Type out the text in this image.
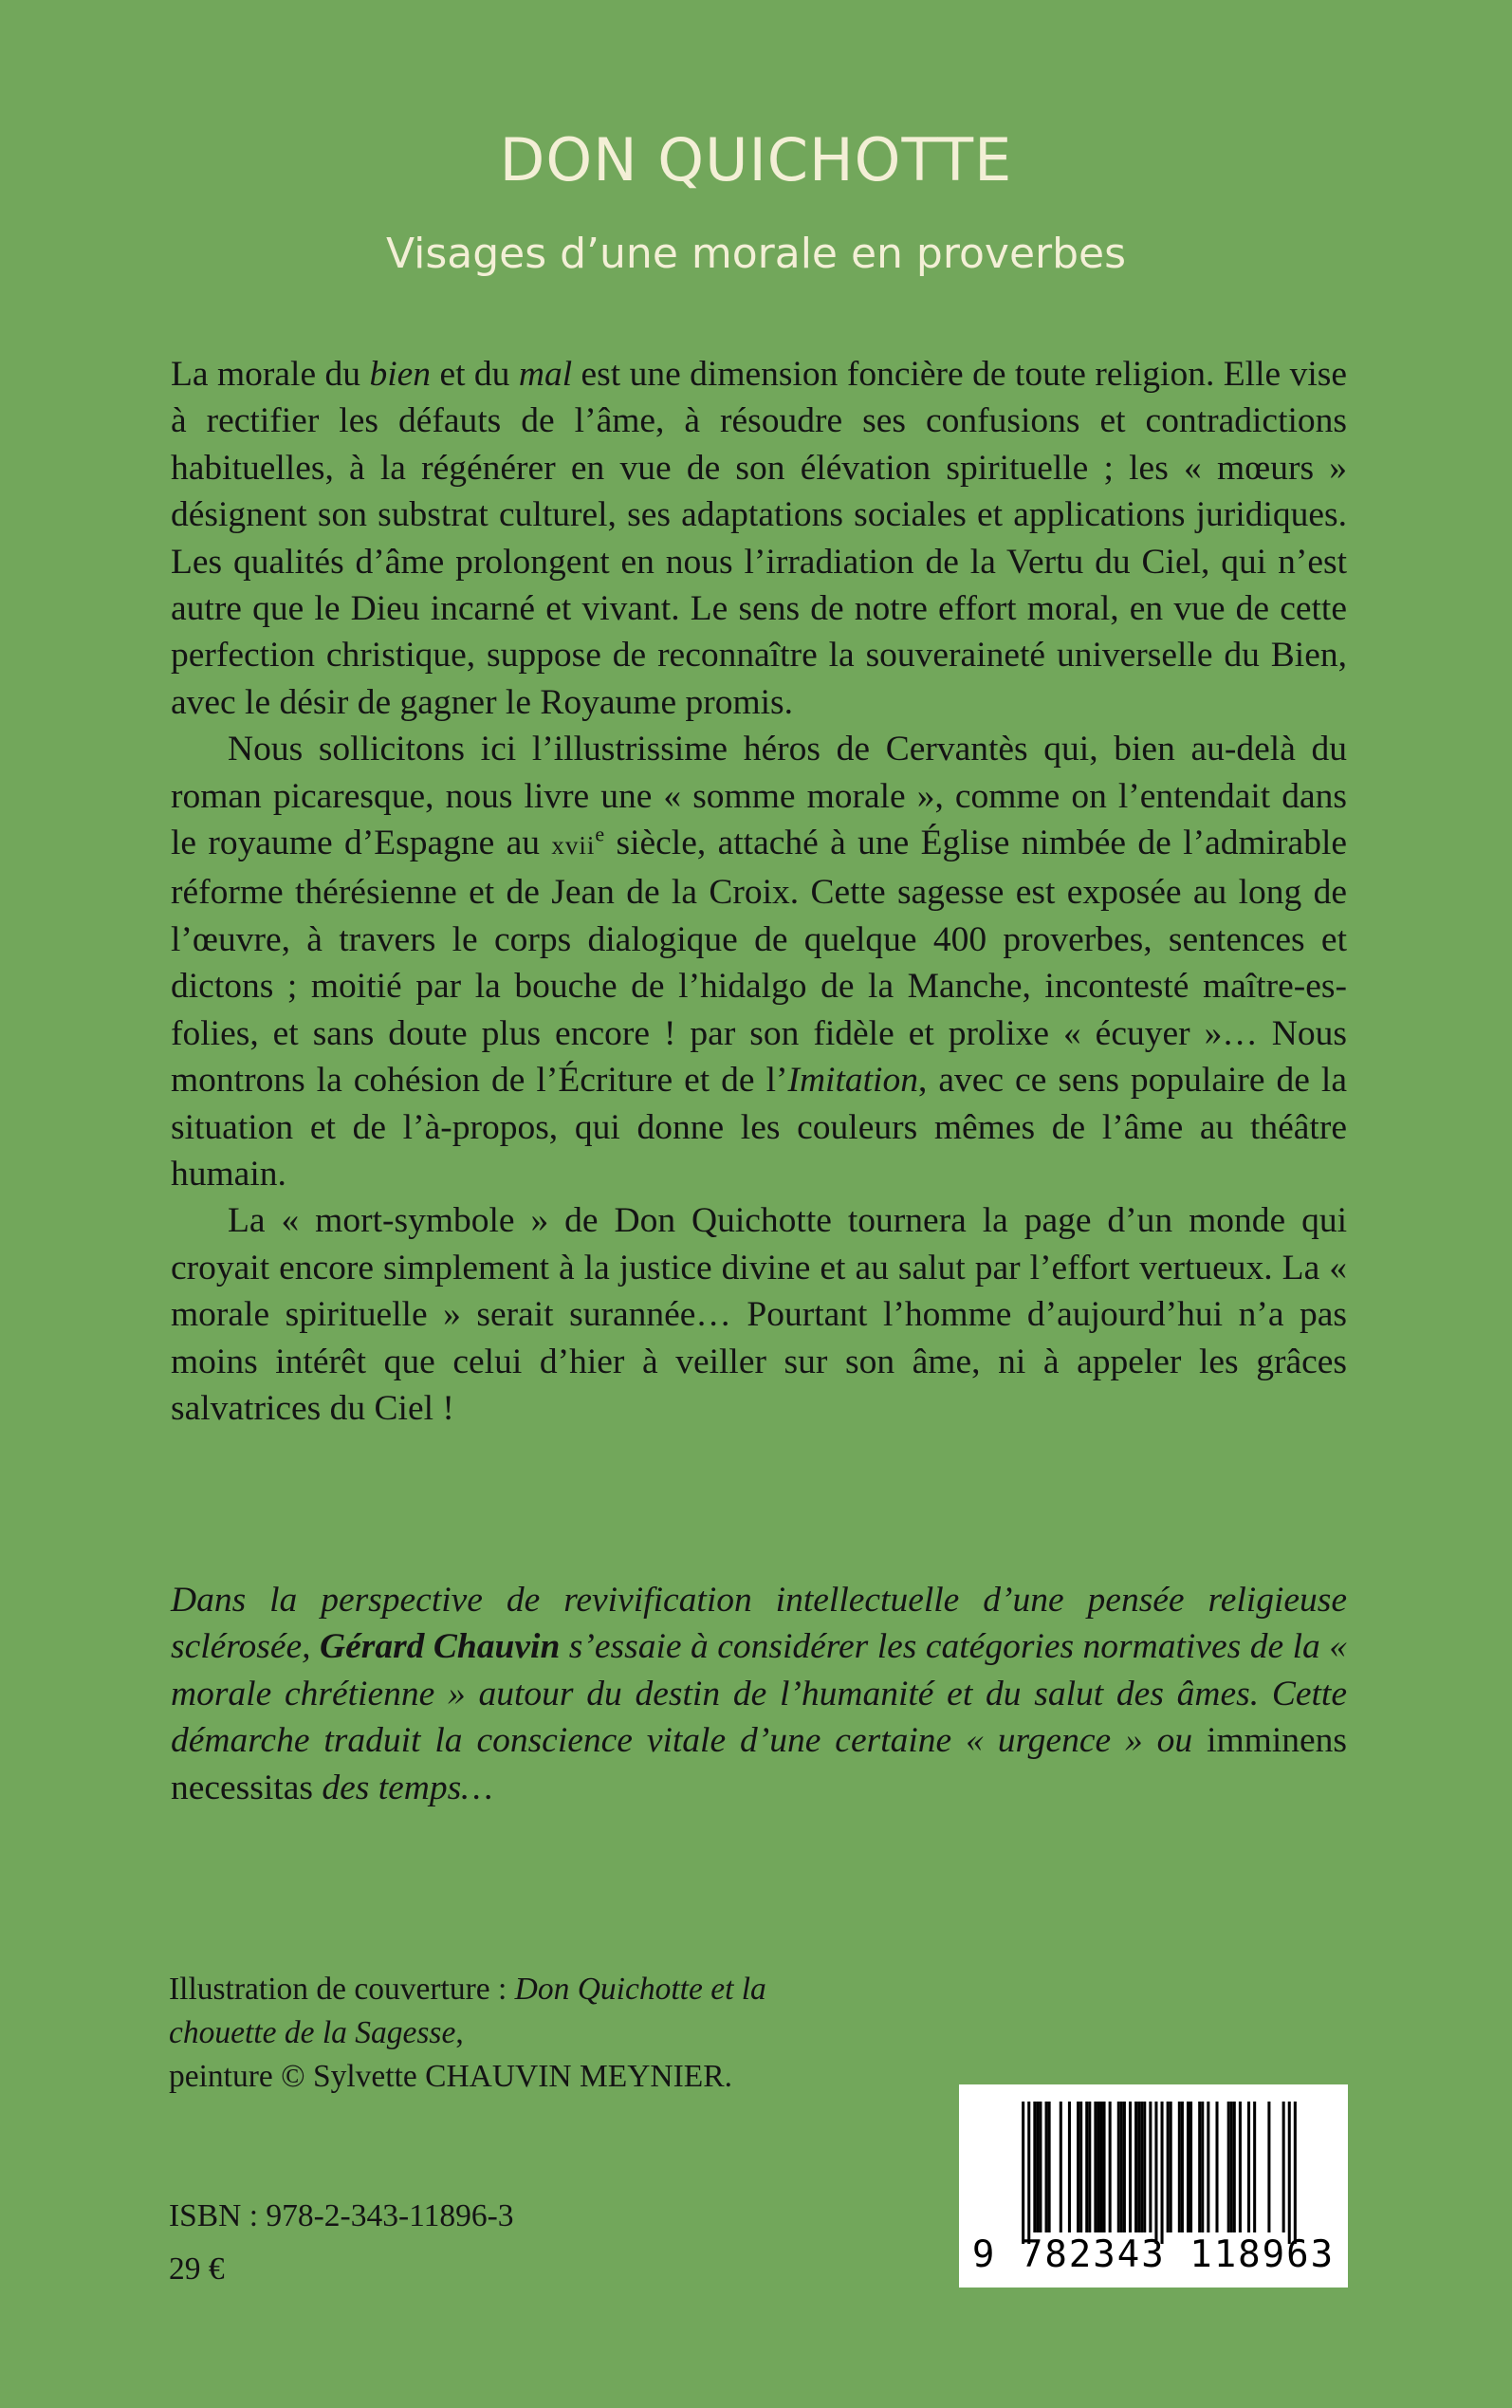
DON QUICHOTTE
Visages d’une morale en proverbes

La morale du bien et du mal est une dimension foncière de toute religion. Elle vise à rectifier les défauts de l’âme, à résoudre ses confusions et contradictions habituelles, à la régénérer en vue de son élévation spirituelle ; les « mœurs » désignent son substrat culturel, ses adaptations sociales et applications juridiques. Les qualités d’âme prolongent en nous l’irradiation de la Vertu du Ciel, qui n’est autre que le Dieu incarné et vivant. Le sens de notre effort moral, en vue de cette perfection christique, suppose de reconnaître la souveraineté universelle du Bien, avec le désir de gagner le Royaume promis.

Nous sollicitons ici l’illustrissime héros de Cervantès qui, bien au-delà du roman picaresque, nous livre une « somme morale », comme on l’entendait dans le royaume d’Espagne au xvii$^e$ siècle, attaché à une Église nimbée de l’admirable réforme thérésienne et de Jean de la Croix. Cette sagesse est exposée au long de l’œuvre, à travers le corps dialogique de quelque 400 proverbes, sentences et dictons ; moitié par la bouche de l’hidalgo de la Manche, incontesté maître-es-folies, et sans doute plus encore ! par son fidèle et prolixe « écuyer »… Nous montrons la cohésion de l’Écriture et de l’Imitation, avec ce sens populaire de la situation et de l’à-propos, qui donne les couleurs mêmes de l’âme au théâtre humain.

La « mort-symbole » de Don Quichotte tournera la page d’un monde qui croyait encore simplement à la justice divine et au salut par l’effort vertueux. La « morale spirituelle » serait surannée… Pourtant l’homme d’aujourd’hui n’a pas moins intérêt que celui d’hier à veiller sur son âme, ni à appeler les grâces salvatrices du Ciel !

Dans la perspective de revivification intellectuelle d’une pensée religieuse sclérosée, Gérard Chauvin s’essaie à considérer les catégories normatives de la « morale chrétienne » autour du destin de l’humanité et du salut des âmes. Cette démarche traduit la conscience vitale d’une certaine « urgence » ou imminens necessitas des temps…

Illustration de couverture : Don Quichotte et la
chouette de la Sagesse,
peinture © Sylvette CHAUVIN MEYNIER.
ISBN : 978-2-343-11896-3
29 €	9 782343 118963
